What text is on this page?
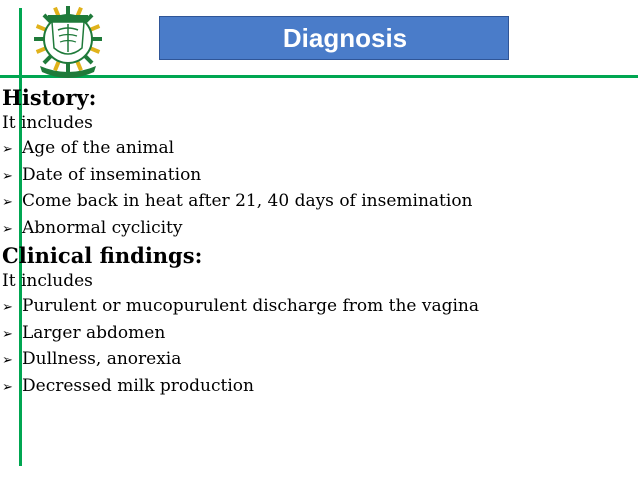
Diagnosis
History:
It includes
➢ Age of the animal
➢ Date of insemination
➢ Come back in heat after 21, 40 days of insemination
➢ Abnormal cyclicity
Clinical findings:
It includes
➢ Purulent or mucopurulent discharge from the vagina
➢ Larger abdomen
➢ Dullness, anorexia
➢ Decressed milk production
